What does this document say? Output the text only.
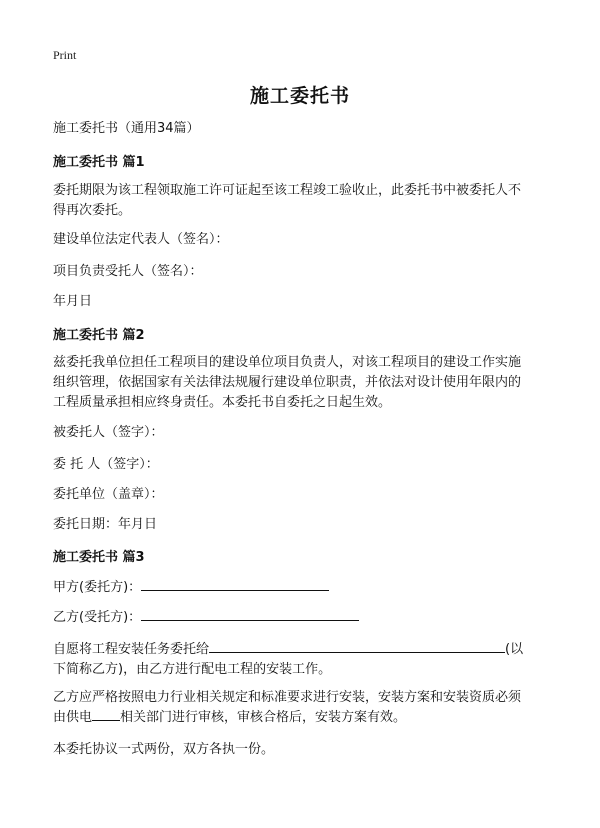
Print
施工委托书
施工委托书（通用34篇）
施工委托书 篇1
委托期限为该工程领取施工许可证起至该工程竣工验收止，此委托书中被委托人不
得再次委托。
建设单位法定代表人（签名）：
项目负责受托人（签名）：
年月日
施工委托书 篇2
兹委托我单位担任工程项目的建设单位项目负责人，对该工程项目的建设工作实施
组织管理，依据国家有关法律法规履行建设单位职责，并依法对设计使用年限内的
工程质量承担相应终身责任。本委托书自委托之日起生效。
被委托人（签字）：
委 托 人（签字）：
委托单位（盖章）：
委托日期：年月日
施工委托书 篇3
甲方(委托方)：
乙方(受托方)：
自愿将工程安装任务委托给	(以
下简称乙方)，由乙方进行配电工程的安装工作。
乙方应严格按照电力行业相关规定和标准要求进行安装，安装方案和安装资质必须
由供电 相关部门进行审核，审核合格后，安装方案有效。
本委托协议一式两份，双方各执一份。
